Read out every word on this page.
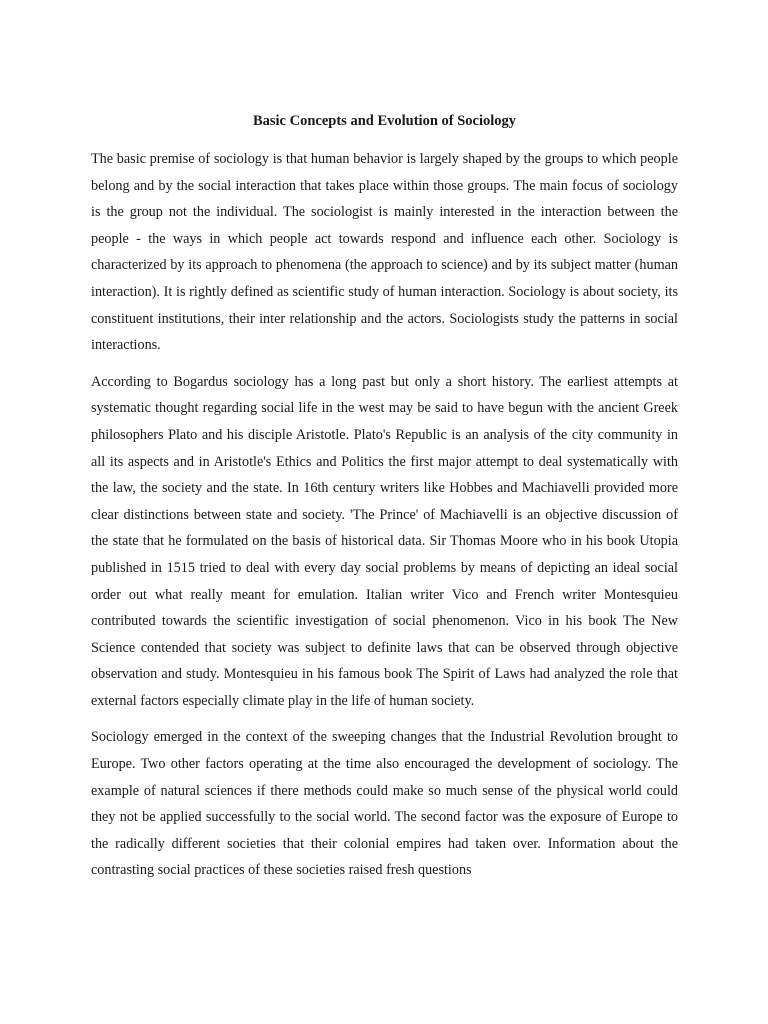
Basic Concepts and Evolution of Sociology

The basic premise of sociology is that human behavior is largely shaped by the groups to which people belong and by the social interaction that takes place within those groups. The main focus of sociology is the group not the individual. The sociologist is mainly interested in the interaction between the people - the ways in which people act towards respond and influence each other. Sociology is characterized by its approach to phenomena (the approach to science) and by its subject matter (human interaction). It is rightly defined as scientific study of human interaction. Sociology is about society, its constituent institutions, their inter relationship and the actors. Sociologists study the patterns in social interactions.

According to Bogardus sociology has a long past but only a short history. The earliest attempts at systematic thought regarding social life in the west may be said to have begun with the ancient Greek philosophers Plato and his disciple Aristotle. Plato's Republic is an analysis of the city community in all its aspects and in Aristotle's Ethics and Politics the first major attempt to deal systematically with the law, the society and the state. In 16th century writers like Hobbes and Machiavelli provided more clear distinctions between state and society. 'The Prince' of Machiavelli is an objective discussion of the state that he formulated on the basis of historical data. Sir Thomas Moore who in his book Utopia published in 1515 tried to deal with every day social problems by means of depicting an ideal social order out what really meant for emulation. Italian writer Vico and French writer Montesquieu contributed towards the scientific investigation of social phenomenon. Vico in his book The New Science contended that society was subject to definite laws that can be observed through objective observation and study. Montesquieu in his famous book The Spirit of Laws had analyzed the role that external factors especially climate play in the life of human society.

Sociology emerged in the context of the sweeping changes that the Industrial Revolution brought to Europe. Two other factors operating at the time also encouraged the development of sociology. The example of natural sciences if there methods could make so much sense of the physical world could they not be applied successfully to the social world. The second factor was the exposure of Europe to the radically different societies that their colonial empires had taken over. Information about the contrasting social practices of these societies raised fresh questions
